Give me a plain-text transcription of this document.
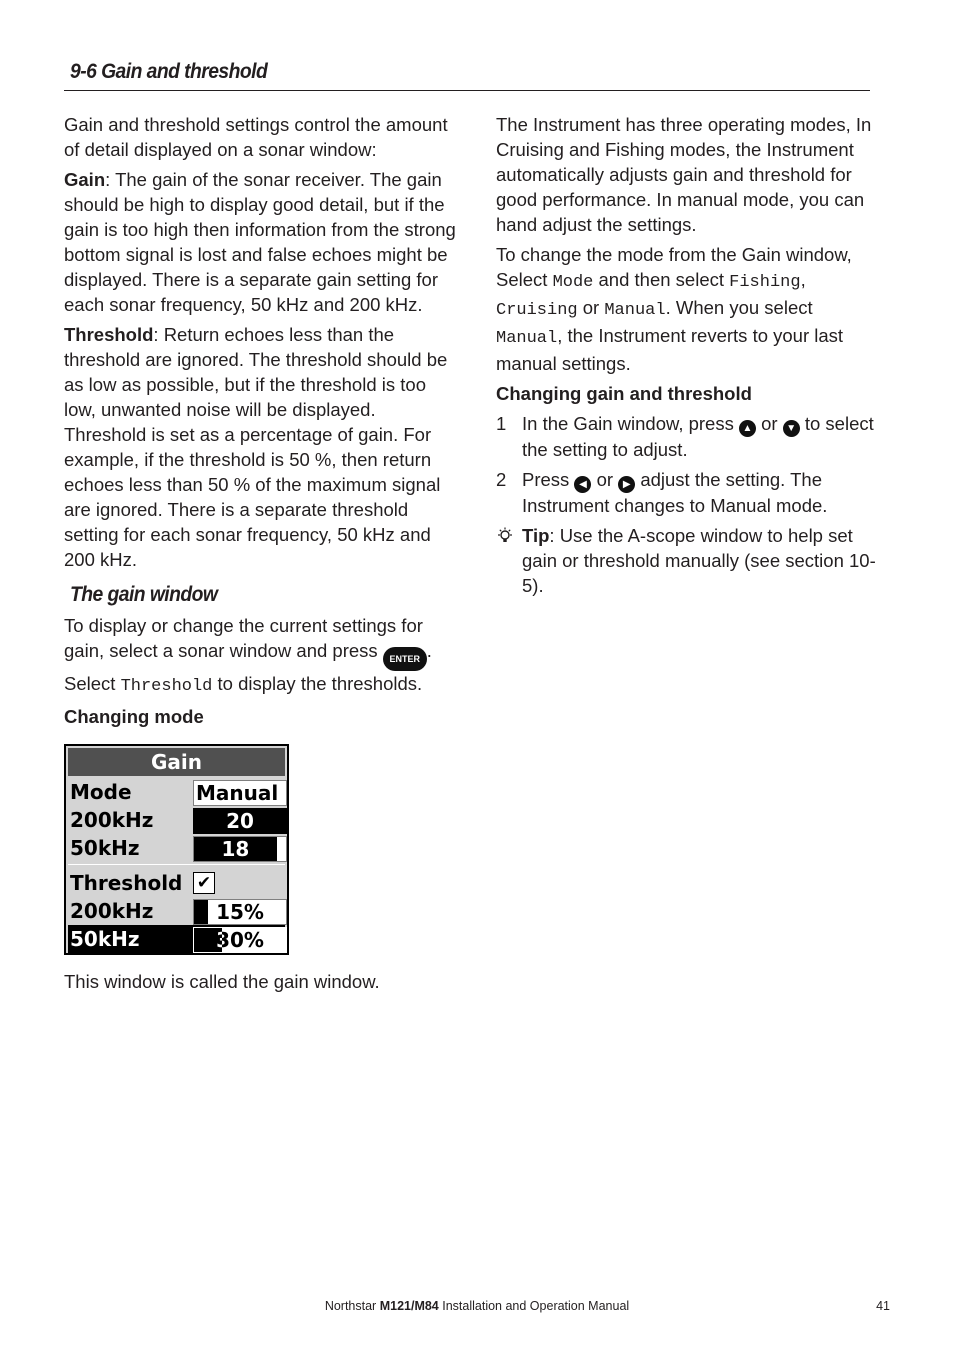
9-6 Gain and threshold

Gain and threshold settings control the amount of detail displayed on a sonar window:

Gain: The gain of the sonar receiver. The gain should be high to display good detail, but if the gain is too high then information from the strong bottom signal is lost and false echoes might be displayed. There is a separate gain setting for each sonar frequency, 50 kHz and 200 kHz.

Threshold: Return echoes less than the threshold are ignored. The threshold should be as low as possible, but if the threshold is too low, unwanted noise will be displayed. Threshold is set as a percentage of gain. For example, if the threshold is 50 %, then return echoes less than 50 % of the maximum signal are ignored. There is a separate threshold setting for each sonar frequency, 50 kHz and 200 kHz.

The gain window

To display or change the current settings for gain, select a sonar window and press ENTER . Select Threshold to display the thresholds.

Changing mode
Gain
Mode	Manual
200kHz	20
50kHz	18
Threshold ✔
200kHz	15%
50kHz	30%

This window is called the gain window.

The Instrument has three operating modes, In Cruising and Fishing modes, the Instrument automatically adjusts gain and threshold for good performance. In manual mode, you can hand adjust the settings.

To change the mode from the Gain window, Select Mode and then select Fishing, Cruising or Manual. When you select Manual, the Instrument reverts to your last manual settings.

Changing gain and threshold
1 In the Gain window, press ▲ or ▼ to select the setting to adjust.
2 Press ◀ or ▶ adjust the setting. The Instrument changes to Manual mode.

Tip: Use the A-scope window to help set gain or threshold manually (see section 10-5).

Northstar M121/M84 Installation and Operation Manual	41
